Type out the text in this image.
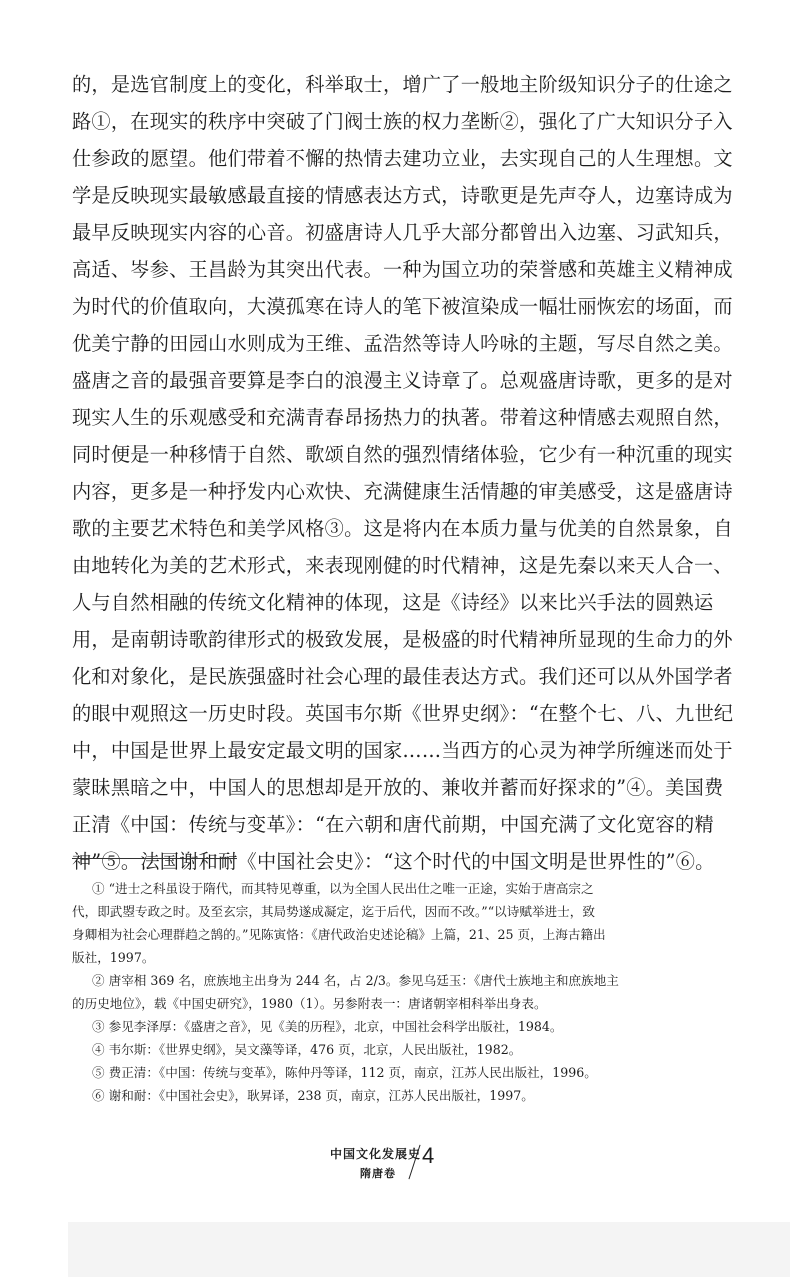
的，是选官制度上的变化，科举取士，增广了一般地主阶级知识分子的仕途之
路①，在现实的秩序中突破了门阀士族的权力垄断②，强化了广大知识分子入
仕参政的愿望。他们带着不懈的热情去建功立业，去实现自己的人生理想。文
学是反映现实最敏感最直接的情感表达方式，诗歌更是先声夺人，边塞诗成为
最早反映现实内容的心音。初盛唐诗人几乎大部分都曾出入边塞、习武知兵，
高适、岑参、王昌龄为其突出代表。一种为国立功的荣誉感和英雄主义精神成
为时代的价值取向，大漠孤寒在诗人的笔下被渲染成一幅壮丽恢宏的场面，而
优美宁静的田园山水则成为王维、孟浩然等诗人吟咏的主题，写尽自然之美。
盛唐之音的最强音要算是李白的浪漫主义诗章了。总观盛唐诗歌，更多的是对
现实人生的乐观感受和充满青春昂扬热力的执著。带着这种情感去观照自然，
同时便是一种移情于自然、歌颂自然的强烈情绪体验，它少有一种沉重的现实
内容，更多是一种抒发内心欢快、充满健康生活情趣的审美感受，这是盛唐诗
歌的主要艺术特色和美学风格③。这是将内在本质力量与优美的自然景象，自
由地转化为美的艺术形式，来表现刚健的时代精神，这是先秦以来天人合一、
人与自然相融的传统文化精神的体现，这是《诗经》以来比兴手法的圆熟运
用，是南朝诗歌韵律形式的极致发展，是极盛的时代精神所显现的生命力的外
化和对象化，是民族强盛时社会心理的最佳表达方式。我们还可以从外国学者
的眼中观照这一历史时段。英国韦尔斯《世界史纲》：“在整个七、八、九世纪
中，中国是世界上最安定最文明的国家……当西方的心灵为神学所缠迷而处于
蒙昧黑暗之中，中国人的思想却是开放的、兼收并蓄而好探求的”④。美国费
正清《中国：传统与变革》：“在六朝和唐代前期，中国充满了文化宽容的精
神”⑤。法国谢和耐《中国社会史》：“这个时代的中国文明是世界性的”⑥。
① “进士之科虽设于隋代，而其特见尊重，以为全国人民出仕之唯一正途，实始于唐高宗之
代，即武曌专政之时。及至玄宗，其局势遂成凝定，迄于后代，因而不改。”“以诗赋举进士，致
身卿相为社会心理群趋之鹄的。”见陈寅恪：《唐代政治史述论稿》上篇，21、25 页，上海古籍出
版社，1997。
② 唐宰相 369 名，庶族地主出身为 244 名，占 2/3。参见乌廷玉：《唐代士族地主和庶族地主
的历史地位》，载《中国史研究》，1980（1）。另参附表一：唐诸朝宰相科举出身表。
③ 参见李泽厚：《盛唐之音》，见《美的历程》，北京，中国社会科学出版社，1984。
④ 韦尔斯：《世界史纲》，吴文藻等译，476 页，北京，人民出版社，1982。
⑤ 费正清：《中国：传统与变革》，陈仲丹等译，112 页，南京，江苏人民出版社，1996。
⑥ 谢和耐：《中国社会史》，耿昇译，238 页，南京，江苏人民出版社，1997。
中国文化发展史
隋唐卷
4
